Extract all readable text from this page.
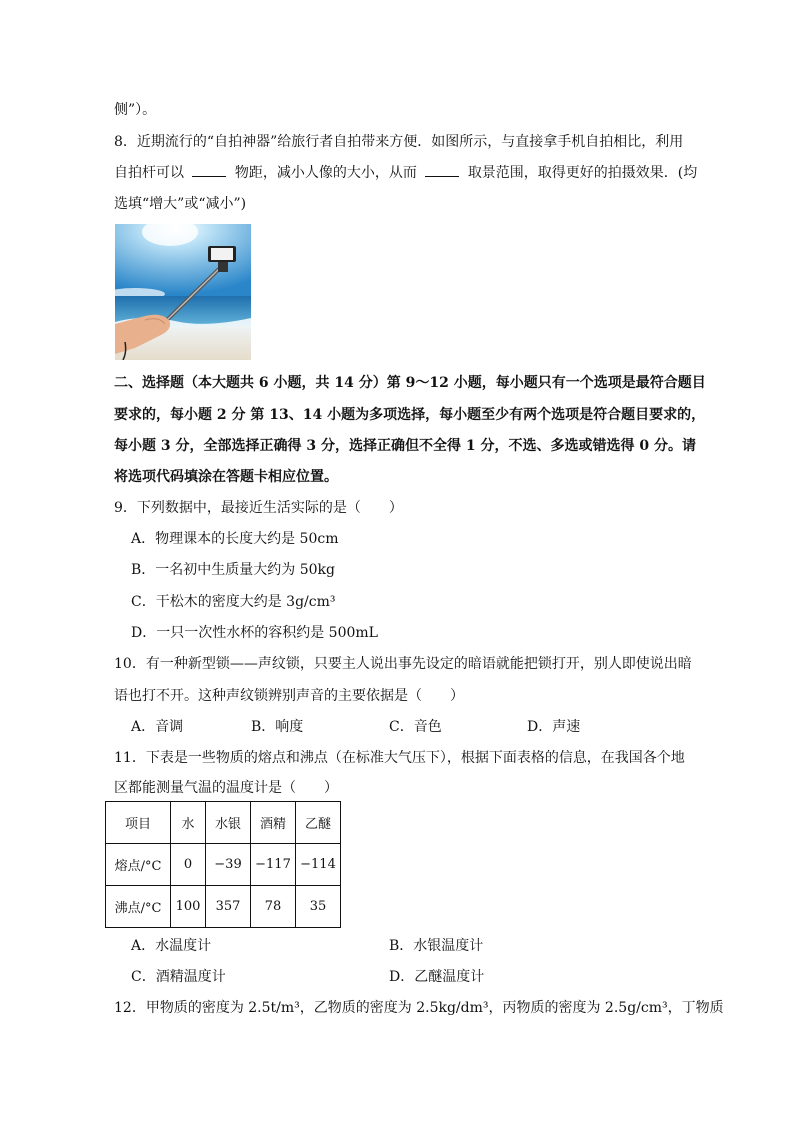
侧”）。
8．近期流行的“自拍神器”给旅行者自拍带来方便．如图所示，与直接拿手机自拍相比，利用
自拍杆可以	物距，减小人像的大小，从而	取景范围，取得更好的拍摄效果．(均
选填“增大”或“减小”)
二、选择题（本大题共 6 小题，共 14 分）第 9～12 小题，每小题只有一个选项是最符合题目
要求的，每小题 2 分 第 13、14 小题为多项选择，每小题至少有两个选项是符合题目要求的，
每小题 3 分，全部选择正确得 3 分，选择正确但不全得 1 分，不选、多选或错选得 0 分。请
将选项代码填涂在答题卡相应位置。
9．下列数据中，最接近生活实际的是（　　）
A．物理课本的长度大约是 50cm
B．一名初中生质量大约为 50kg
C．干松木的密度大约是 3g/cm³
D．一只一次性水杯的容积约是 500mL
10．有一种新型锁——声纹锁，只要主人说出事先设定的暗语就能把锁打开，别人即使说出暗
语也打不开。这种声纹锁辨别声音的主要依据是（　　）
A．音调	B．响度	C．音色	D．声速
11．下表是一些物质的熔点和沸点（在标准大气压下），根据下面表格的信息，在我国各个地
区都能测量气温的温度计是（　　）
项目	水	水银	酒精	乙醚
熔点/°C	0	−39	−117	−114
沸点/°C	100	357	78	35
A．水温度计	B．水银温度计
C．酒精温度计	D．乙醚温度计
12．甲物质的密度为 2.5t/m³，乙物质的密度为 2.5kg/dm³，丙物质的密度为 2.5g/cm³，丁物质
